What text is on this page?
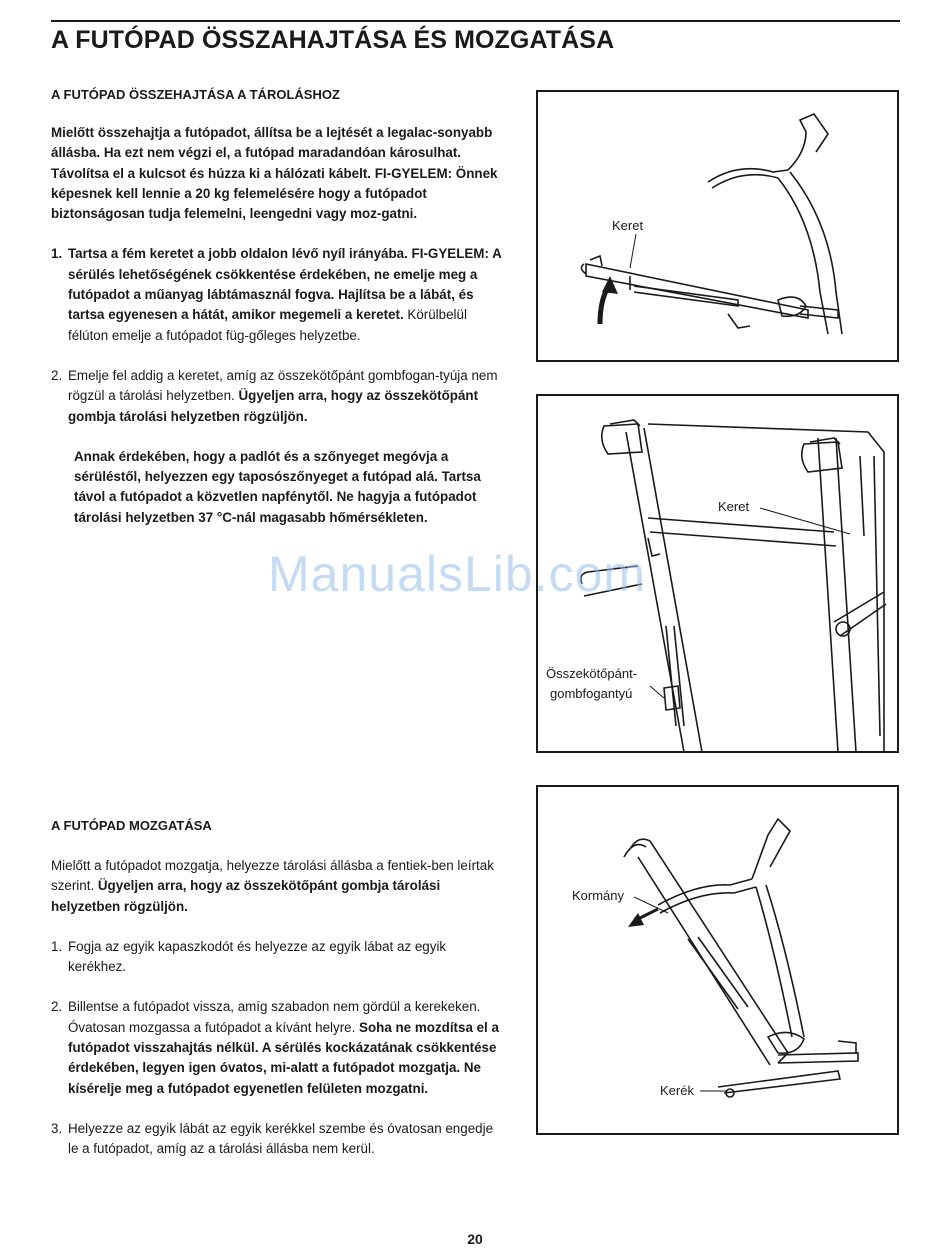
A FUTÓPAD ÖSSZAHAJTÁSA ÉS MOZGATÁSA
A FUTÓPAD ÖSSZEHAJTÁSA A TÁROLÁSHOZ

Mielőtt összehajtja a futópadot, állítsa be a lejtését a legalac-sonyabb állásba. Ha ezt nem végzi el, a futópad maradandóan károsulhat. Távolítsa el a kulcsot és húzza ki a hálózati kábelt. FI-GYELEM: Önnek képesnek kell lennie a 20 kg felemelésére hogy a futópadot biztonságosan tudja felemelni, leengedni vagy moz-gatni.

1. Tartsa a fém keretet a jobb oldalon lévő nyíl irányába. FI-GYELEM: A sérülés lehetőségének csökkentése érdekében, ne emelje meg a futópadot a műanyag lábtámasznál fogva. Hajlítsa be a lábát, és tartsa egyenesen a hátát, amikor megemeli a keretet. Körülbelül félúton emelje a futópadot füg-gőleges helyzetbe.
2. Emelje fel addig a keretet, amíg az összekötőpánt gombfogan-tyúja nem rögzül a tárolási helyzetben. Ügyeljen arra, hogy az összekötőpánt gombja tárolási helyzetben rögzüljön.

Annak érdekében, hogy a padlót és a szőnyeget megóvja a sérüléstől, helyezzen egy taposószőnyeget a futópad alá. Tartsa távol a futópadot a közvetlen napfénytől. Ne hagyja a futópadot tárolási helyzetben 37 °C-nál magasabb hőmérsékleten.

A FUTÓPAD MOZGATÁSA

Mielőtt a futópadot mozgatja, helyezze tárolási állásba a fentiek-ben leírtak szerint. Ügyeljen arra, hogy az összekötőpánt gombja tárolási helyzetben rögzüljön.

1. Fogja az egyik kapaszkodót és helyezze az egyik lábat az egyik kerékhez.
2. Billentse a futópadot vissza, amíg szabadon nem gördül a kerekeken. Óvatosan mozgassa a futópadot a kívánt helyre. Soha ne mozdítsa el a futópadot visszahajtás nélkül. A sérülés kockázatának csökkentése érdekében, legyen igen óvatos, mi-alatt a futópadot mozgatja. Ne kísérelje meg a futópadot egyenetlen felületen mozgatni.
3. Helyezze az egyik lábát az egyik kerékkel szembe és óvatosan engedje le a futópadot, amíg az a tárolási állásba nem kerül.
Keret
Keret
Összekötőpánt-
gombfogantyú
Kormány
Kerék
ManualsLib.com
20
